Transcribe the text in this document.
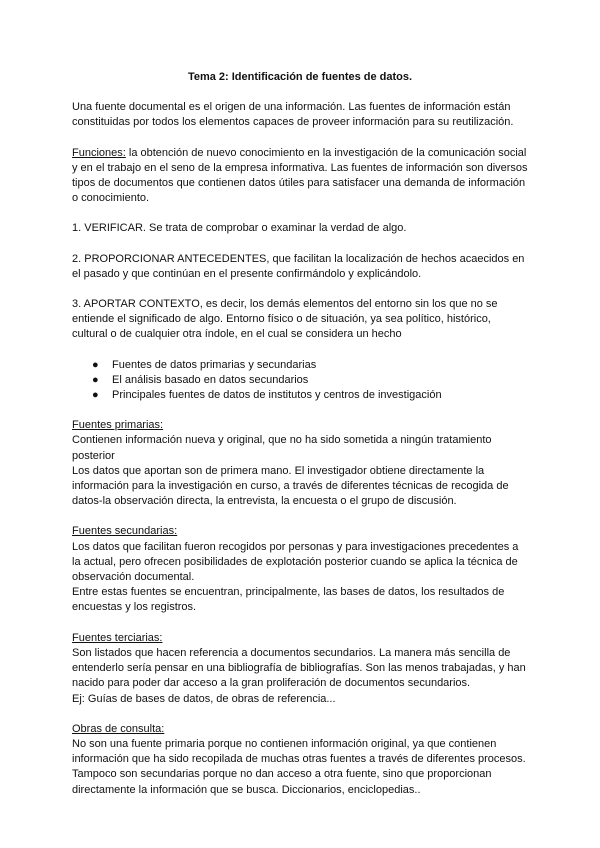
Tema 2: Identificación de fuentes de datos.

Una fuente documental es el origen de una información. Las fuentes de información están constituidas por todos los elementos capaces de proveer información para su reutilización.

Funciones: la obtención de nuevo conocimiento en la investigación de la comunicación social y en el trabajo en el seno de la empresa informativa. Las fuentes de información son diversos tipos de documentos que contienen datos útiles para satisfacer una demanda de información o conocimiento.

1. VERIFICAR. Se trata de comprobar o examinar la verdad de algo.

2. PROPORCIONAR ANTECEDENTES, que facilitan la localización de hechos acaecidos en el pasado y que continúan en el presente confirmándolo y explicándolo.

3. APORTAR CONTEXTO, es decir, los demás elementos del entorno sin los que no se entiende el significado de algo. Entorno físico o de situación, ya sea político, histórico, cultural o de cualquier otra índole, en el cual se considera un hecho

●	Fuentes de datos primarias y secundarias
●	El análisis basado en datos secundarios
●	Principales fuentes de datos de institutos y centros de investigación

Fuentes primarias:

Contienen información nueva y original, que no ha sido sometida a ningún tratamiento posterior

Los datos que aportan son de primera mano. El investigador obtiene directamente la información para la investigación en curso, a través de diferentes técnicas de recogida de datos-la observación directa, la entrevista, la encuesta o el grupo de discusión.

Fuentes secundarias:

Los datos que facilitan fueron recogidos por personas y para investigaciones precedentes a la actual, pero ofrecen posibilidades de explotación posterior cuando se aplica la técnica de observación documental.

Entre estas fuentes se encuentran, principalmente, las bases de datos, los resultados de encuestas y los registros.

Fuentes terciarias:

Son listados que hacen referencia a documentos secundarios. La manera más sencilla de entenderlo sería pensar en una bibliografía de bibliografías. Son las menos trabajadas, y han nacido para poder dar acceso a la gran proliferación de documentos secundarios.

Ej: Guías de bases de datos, de obras de referencia...

Obras de consulta:

No son una fuente primaria porque no contienen información original, ya que contienen información que ha sido recopilada de muchas otras fuentes a través de diferentes procesos. Tampoco son secundarias porque no dan acceso a otra fuente, sino que proporcionan directamente la información que se busca. Diccionarios, enciclopedias..
